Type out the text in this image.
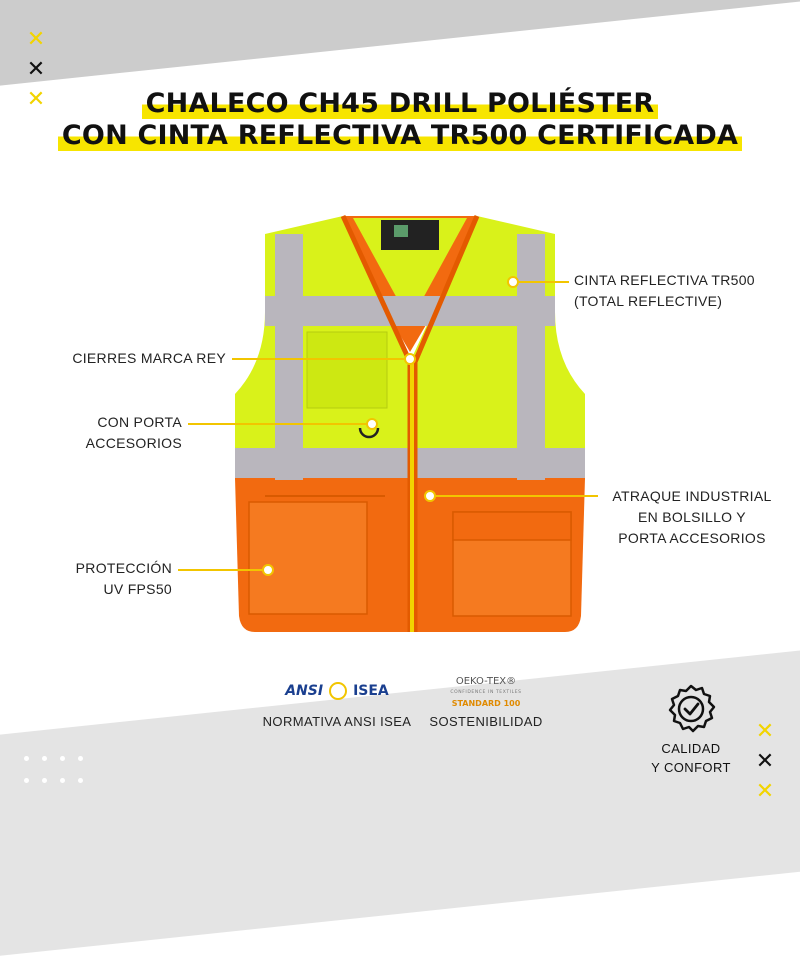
✕
✕
✕	CHALECO CH45 DRILL POLIÉSTER
CON CINTA REFLECTIVA TR500 CERTIFICADA
CINTA REFLECTIVA TR500
(TOTAL REFLECTIVE)
CIERRES MARCA REY
CON PORTA
ACCESORIOS
ATRAQUE INDUSTRIAL
EN BOLSILLO Y
PORTA ACCESORIOS
PROTECCIÓN
UV FPS50
ANSI ISEA
NORMATIVA ANSI ISEA
OEKO-TEX®
CONFIDENCE IN TEXTILES
STANDARD 100
SOSTENIBILIDAD
CALIDAD
Y CONFORT
✕
✕
✕
